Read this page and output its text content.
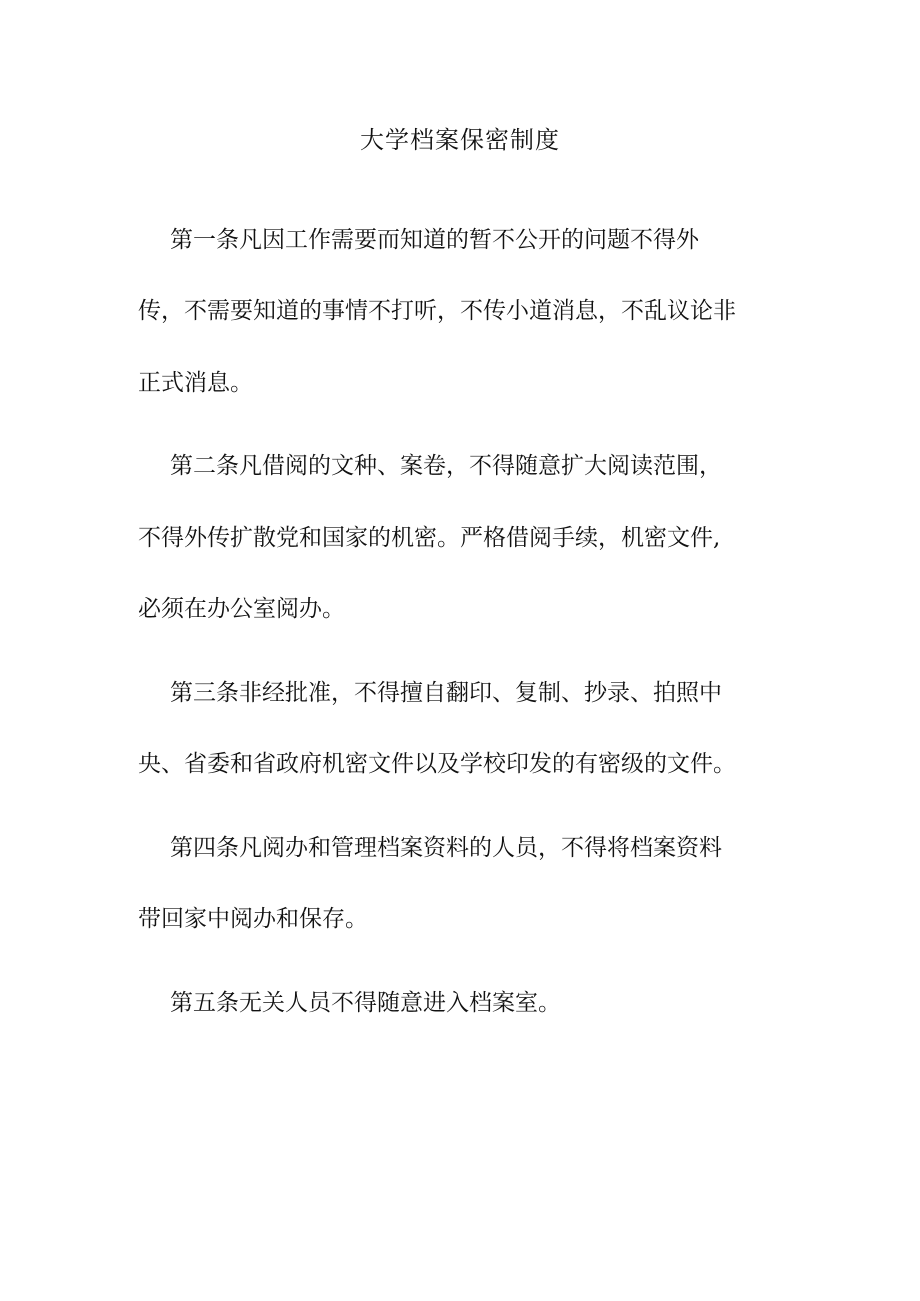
大学档案保密制度
第一条凡因工作需要而知道的暂不公开的问题不得外
传，不需要知道的事情不打听，不传小道消息，不乱议论非
正式消息。
第二条凡借阅的文种、案卷，不得随意扩大阅读范围，
不得外传扩散党和国家的机密。严格借阅手续，机密文件,
必须在办公室阅办。
第三条非经批准，不得擅自翻印、复制、抄录、拍照中
央、省委和省政府机密文件以及学校印发的有密级的文件。
第四条凡阅办和管理档案资料的人员，不得将档案资料
带回家中阅办和保存。
第五条无关人员不得随意进入档案室。
